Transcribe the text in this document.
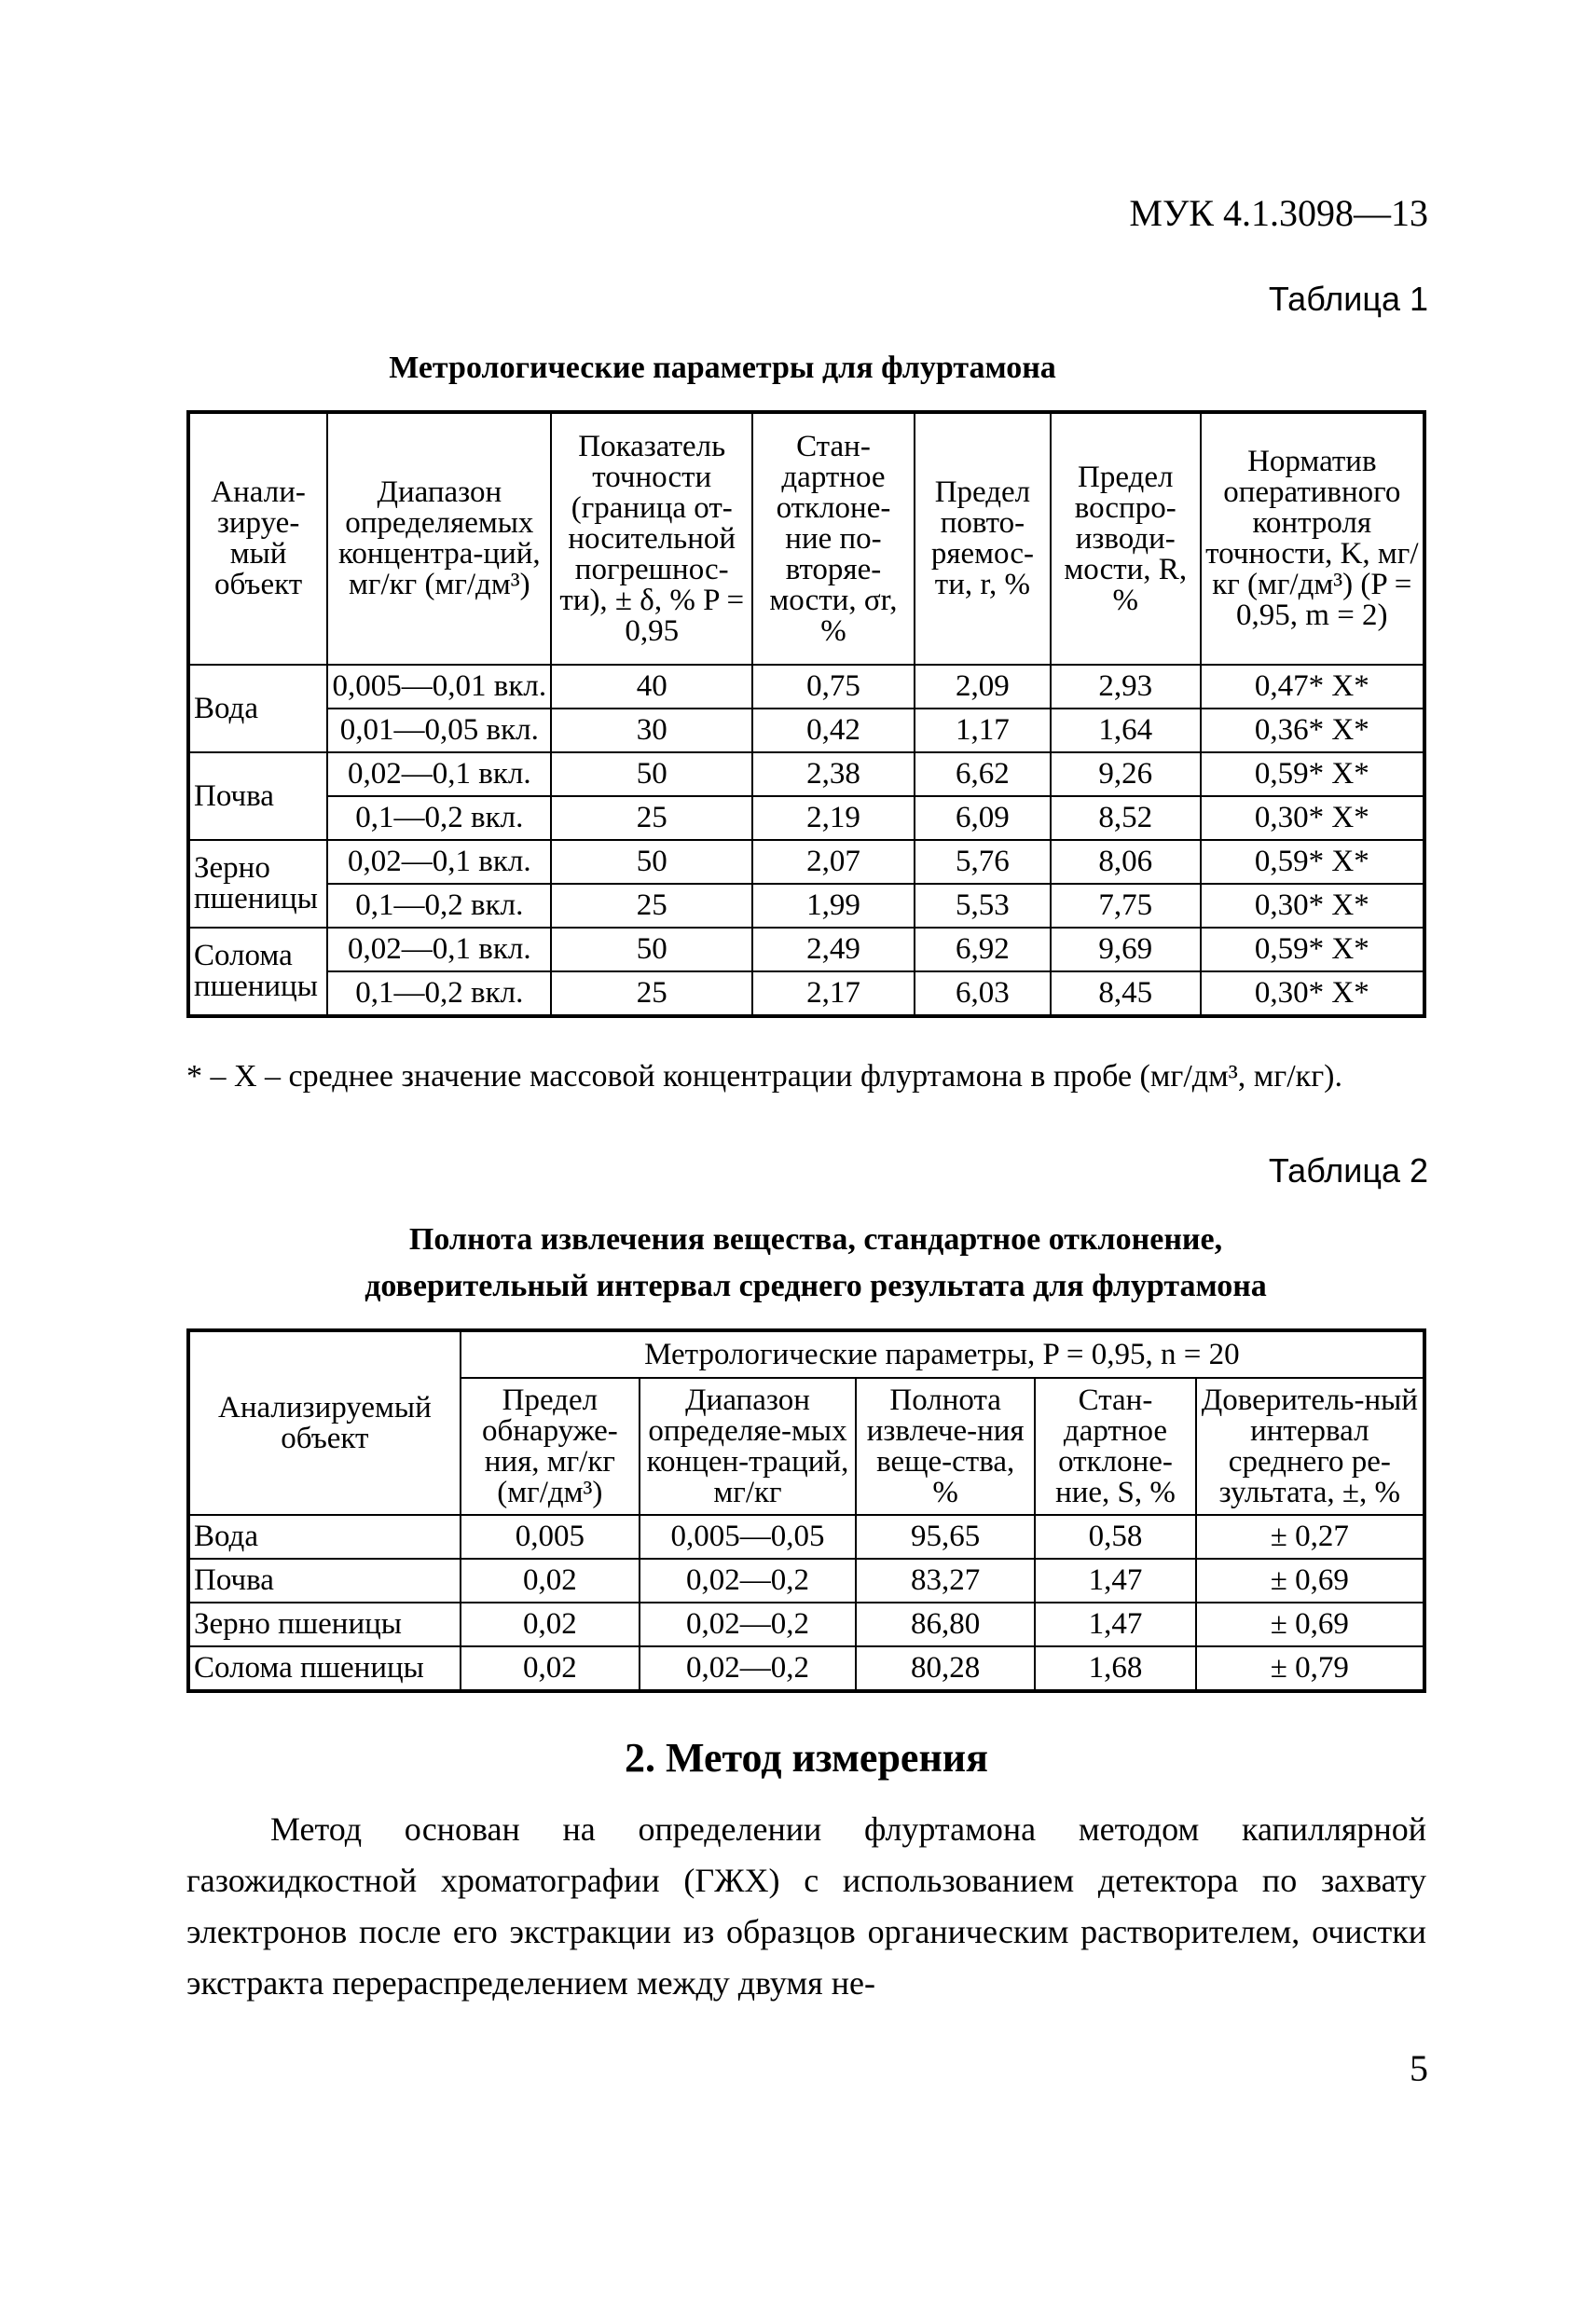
МУК 4.1.3098—13
Таблица 1
Метрологические параметры для флуртамона
Анали-зируе-мый объект	Диапазон определяемых концентра-ций, мг/кг (мг/дм³)	Показатель точности (граница от-носительной погрешнос-ти), ± δ, % P = 0,95	Стан-дартное отклоне-ние по-вторяе-мости, σr, %	Предел повто-ряемос-ти, r, %	Предел воспро-изводи-мости, R, %	Норматив оперативного контроля точности, K, мг/кг (мг/дм³) (P = 0,95, m = 2)
Вода	0,005—0,01 вкл.	40	0,75	2,09	2,93	0,47* X*
	0,01—0,05 вкл.	30	0,42	1,17	1,64	0,36* X*
Почва	0,02—0,1 вкл.	50	2,38	6,62	9,26	0,59* X*
	0,1—0,2 вкл.	25	2,19	6,09	8,52	0,30* X*
Зерно пшеницы	0,02—0,1 вкл.	50	2,07	5,76	8,06	0,59* X*
	0,1—0,2 вкл.	25	1,99	5,53	7,75	0,30* X*
Солома пшеницы	0,02—0,1 вкл.	50	2,49	6,92	9,69	0,59* X*
	0,1—0,2 вкл.	25	2,17	6,03	8,45	0,30* X*
* – X – среднее значение массовой концентрации флуртамона в пробе (мг/дм³, мг/кг).
Таблица 2
Полнота извлечения вещества, стандартное отклонение,
доверительный интервал среднего результата для флуртамона
Анализируемый объект	Метрологические параметры, P = 0,95, n = 20				
	Предел обнаруже-ния, мг/кг (мг/дм³)	Диапазон определяе-мых концен-траций, мг/кг	Полнота извлече-ния веще-ства, %	Стан-дартное отклоне-ние, S, %	Доверитель-ный интервал среднего ре-зультата, ±, %
Вода	0,005	0,005—0,05	95,65	0,58	± 0,27
Почва	0,02	0,02—0,2	83,27	1,47	± 0,69
Зерно пшеницы	0,02	0,02—0,2	86,80	1,47	± 0,69
Солома пшеницы	0,02	0,02—0,2	80,28	1,68	± 0,79
2. Метод измерения
Метод основан на определении флуртамона методом капиллярной газожидкостной хроматографии (ГЖХ) с использованием детектора по захвату электронов после его экстракции из образцов органическим растворителем, очистки экстракта перераспределением между двумя не-
5
